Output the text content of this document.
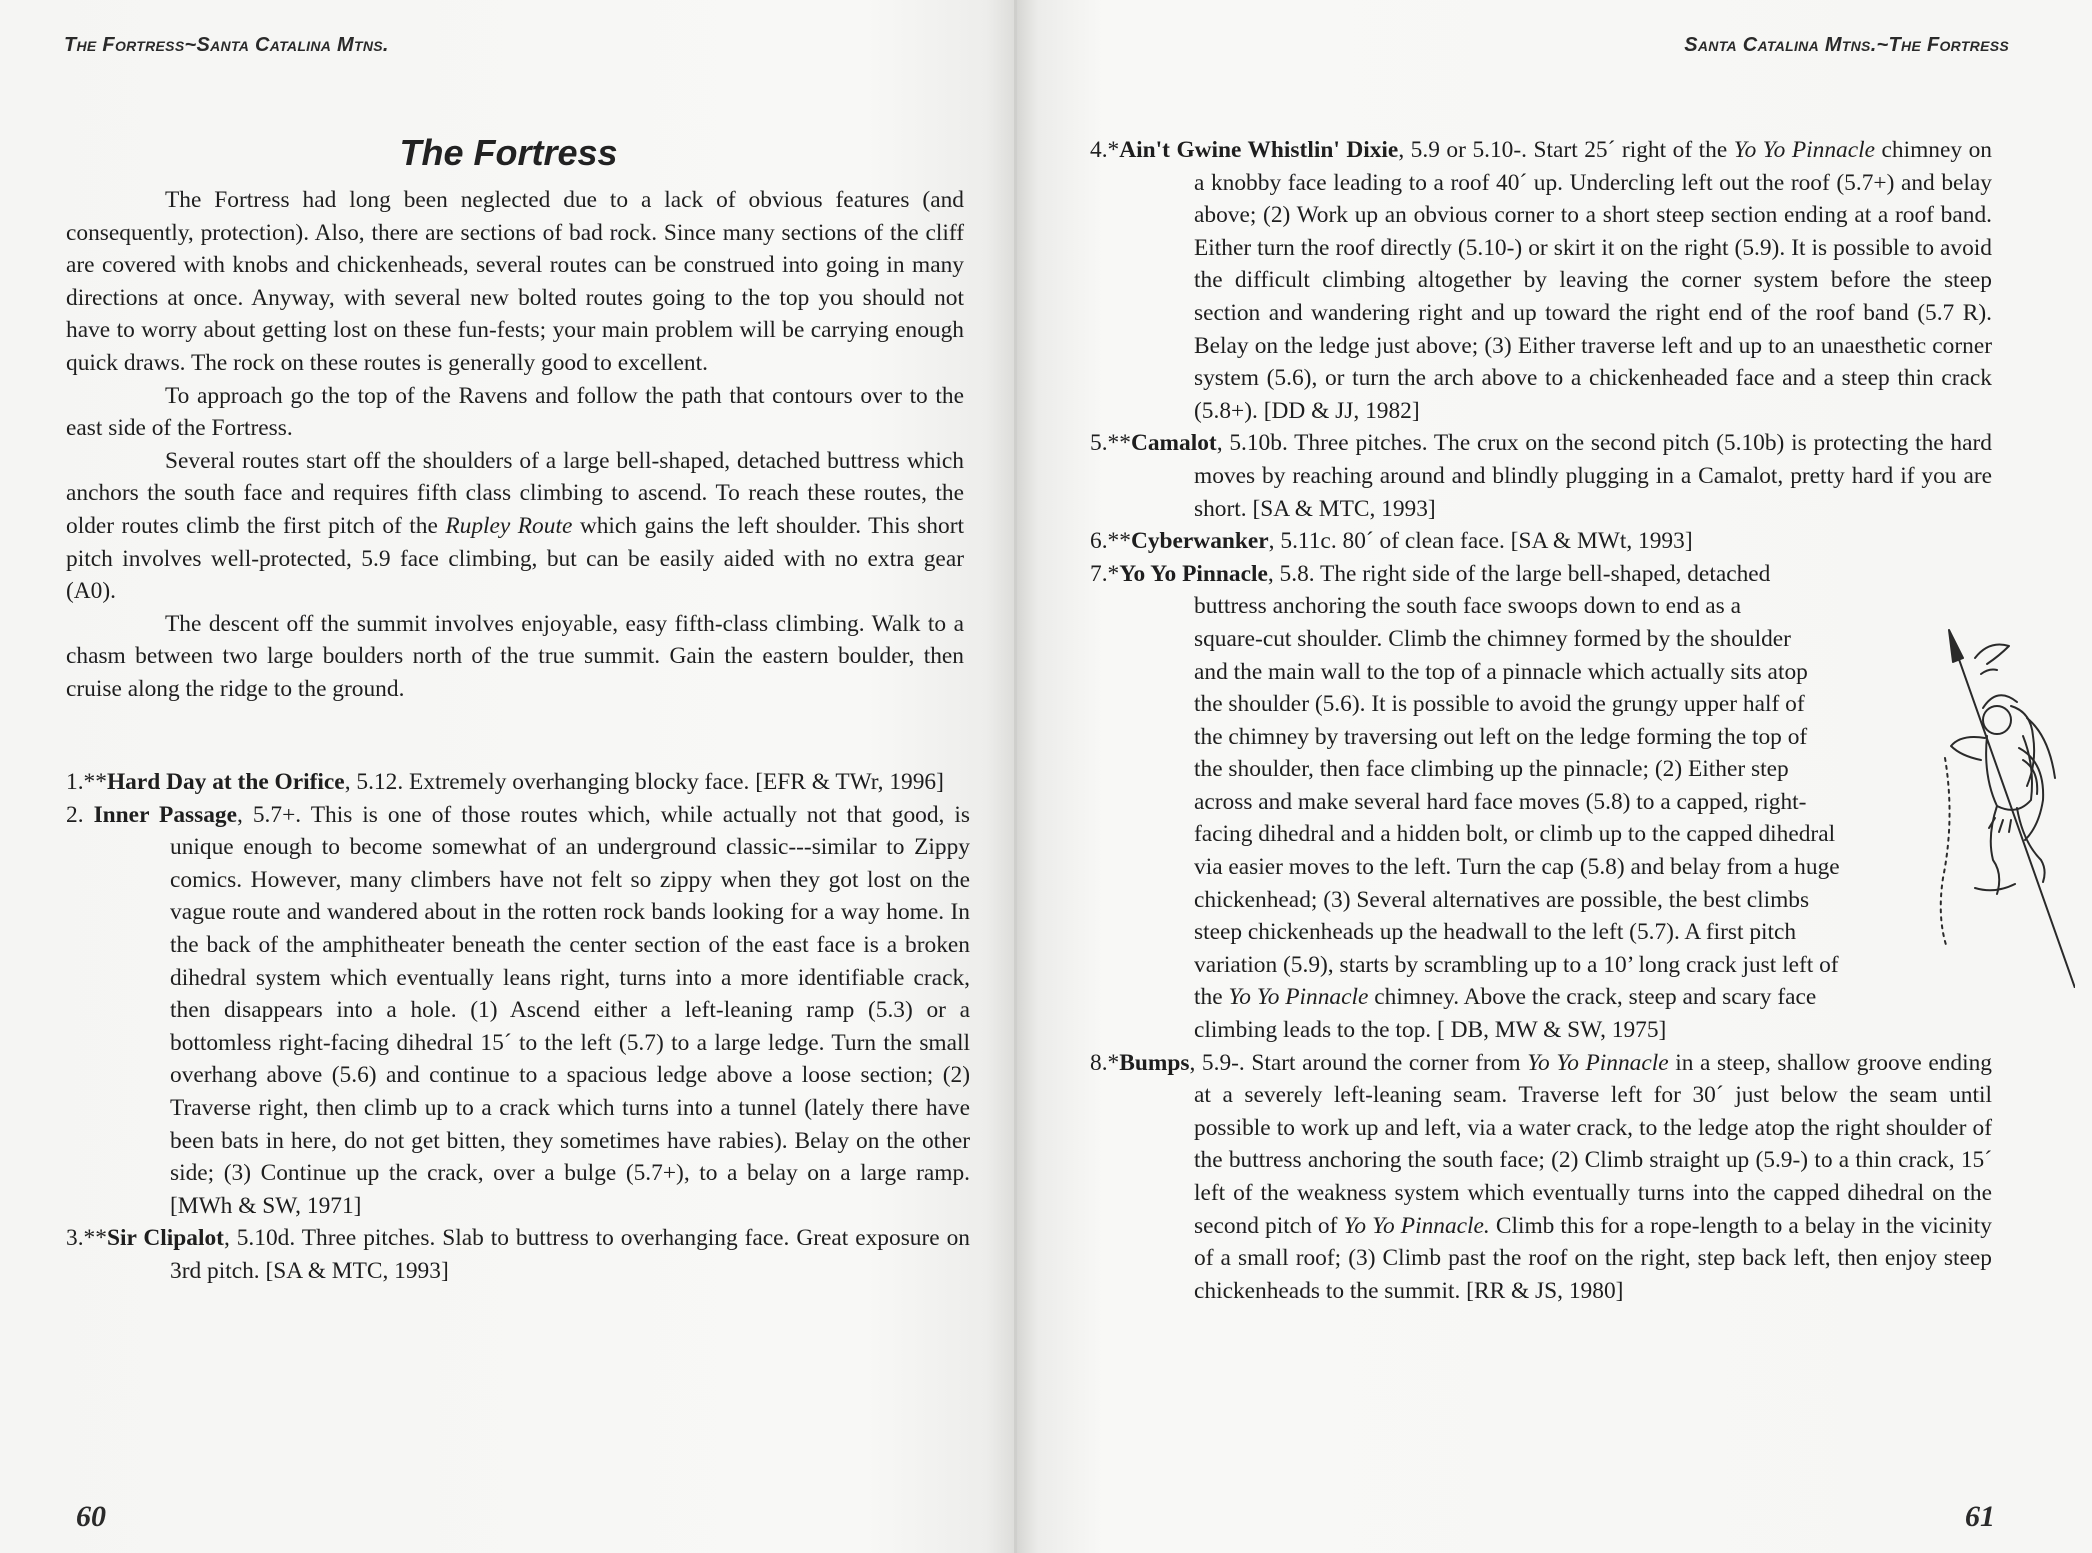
The Fortress~Santa Catalina Mtns.
The Fortress

The Fortress had long been neglected due to a lack of obvious features (and consequently, protection). Also, there are sections of bad rock. Since many sections of the cliff are covered with knobs and chickenheads, several routes can be construed into going in many directions at once. Anyway, with several new bolted routes going to the top you should not have to worry about getting lost on these fun-fests; your main problem will be carrying enough quick draws. The rock on these routes is generally good to excellent.

To approach go the top of the Ravens and follow the path that contours over to the east side of the Fortress.

Several routes start off the shoulders of a large bell-shaped, detached buttress which anchors the south face and requires fifth class climbing to ascend. To reach these routes, the older routes climb the first pitch of the Rupley Route which gains the left shoulder. This short pitch involves well-protected, 5.9 face climbing, but can be easily aided with no extra gear (A0).

The descent off the summit involves enjoyable, easy fifth-class climbing. Walk to a chasm between two large boulders north of the true summit. Gain the eastern boulder, then cruise along the ridge to the ground.

1.**Hard Day at the Orifice, 5.12. Extremely overhanging blocky face. [EFR & TWr, 1996]

2. Inner Passage, 5.7+. This is one of those routes which, while actually not that good, is unique enough to become somewhat of an underground classic---similar to Zippy comics. However, many climbers have not felt so zippy when they got lost on the vague route and wandered about in the rotten rock bands looking for a way home. In the back of the amphitheater beneath the center section of the east face is a broken dihedral system which eventually leans right, turns into a more identifiable crack, then disappears into a hole. (1) Ascend either a left-leaning ramp (5.3) or a bottomless right-facing dihedral 15´ to the left (5.7) to a large ledge. Turn the small overhang above (5.6) and continue to a spacious ledge above a loose section; (2) Traverse right, then climb up to a crack which turns into a tunnel (lately there have been bats in here, do not get bitten, they sometimes have rabies). Belay on the other side; (3) Continue up the crack, over a bulge (5.7+), to a belay on a large ramp. [MWh & SW, 1971]

3.**Sir Clipalot, 5.10d. Three pitches. Slab to buttress to overhanging face. Great exposure on 3rd pitch. [SA & MTC, 1993]

60
Santa Catalina Mtns.~The Fortress
61

4.*Ain't Gwine Whistlin' Dixie, 5.9 or 5.10-. Start 25´ right of the Yo Yo Pinnacle chimney on a knobby face leading to a roof 40´ up. Undercling left out the roof (5.7+) and belay above; (2) Work up an obvious corner to a short steep section ending at a roof band. Either turn the roof directly (5.10-) or skirt it on the right (5.9). It is possible to avoid the difficult climbing altogether by leaving the corner system before the steep section and wandering right and up toward the right end of the roof band (5.7 R). Belay on the ledge just above; (3) Either traverse left and up to an unaesthetic corner system (5.6), or turn the arch above to a chickenheaded face and a steep thin crack (5.8+). [DD & JJ, 1982]

5.**Camalot, 5.10b. Three pitches. The crux on the second pitch (5.10b) is protecting the hard moves by reaching around and blindly plugging in a Camalot, pretty hard if you are short. [SA & MTC, 1993]

6.**Cyberwanker, 5.11c. 80´ of clean face. [SA & MWt, 1993]

7.*Yo Yo Pinnacle, 5.8. The right side of the large bell-shaped, detached
buttress anchoring the south face swoops down to end as a
square-cut shoulder. Climb the chimney formed by the shoulder
and the main wall to the top of a pinnacle which actually sits atop
the shoulder (5.6). It is possible to avoid the grungy upper half of
the chimney by traversing out left on the ledge forming the top of
the shoulder, then face climbing up the pinnacle; (2) Either step
across and make several hard face moves (5.8) to a capped, right-
facing dihedral and a hidden bolt, or climb up to the capped dihedral
via easier moves to the left. Turn the cap (5.8) and belay from a huge
chickenhead; (3) Several alternatives are possible, the best climbs
steep chickenheads up the headwall to the left (5.7). A first pitch
variation (5.9), starts by scrambling up to a 10’ long crack just left of
the Yo Yo Pinnacle chimney. Above the crack, steep and scary face
climbing leads to the top. [ DB, MW & SW, 1975]

8.*Bumps, 5.9-. Start around the corner from Yo Yo Pinnacle in a steep, shallow groove ending at a severely left-leaning seam. Traverse left for 30´ just below the seam until possible to work up and left, via a water crack, to the ledge atop the right shoulder of the buttress anchoring the south face; (2) Climb straight up (5.9-) to a thin crack, 15´ left of the weakness system which eventually turns into the capped dihedral on the second pitch of Yo Yo Pinnacle. Climb this for a rope-length to a belay in the vicinity of a small roof; (3) Climb past the roof on the right, step back left, then enjoy steep chickenheads to the summit. [RR & JS, 1980]
